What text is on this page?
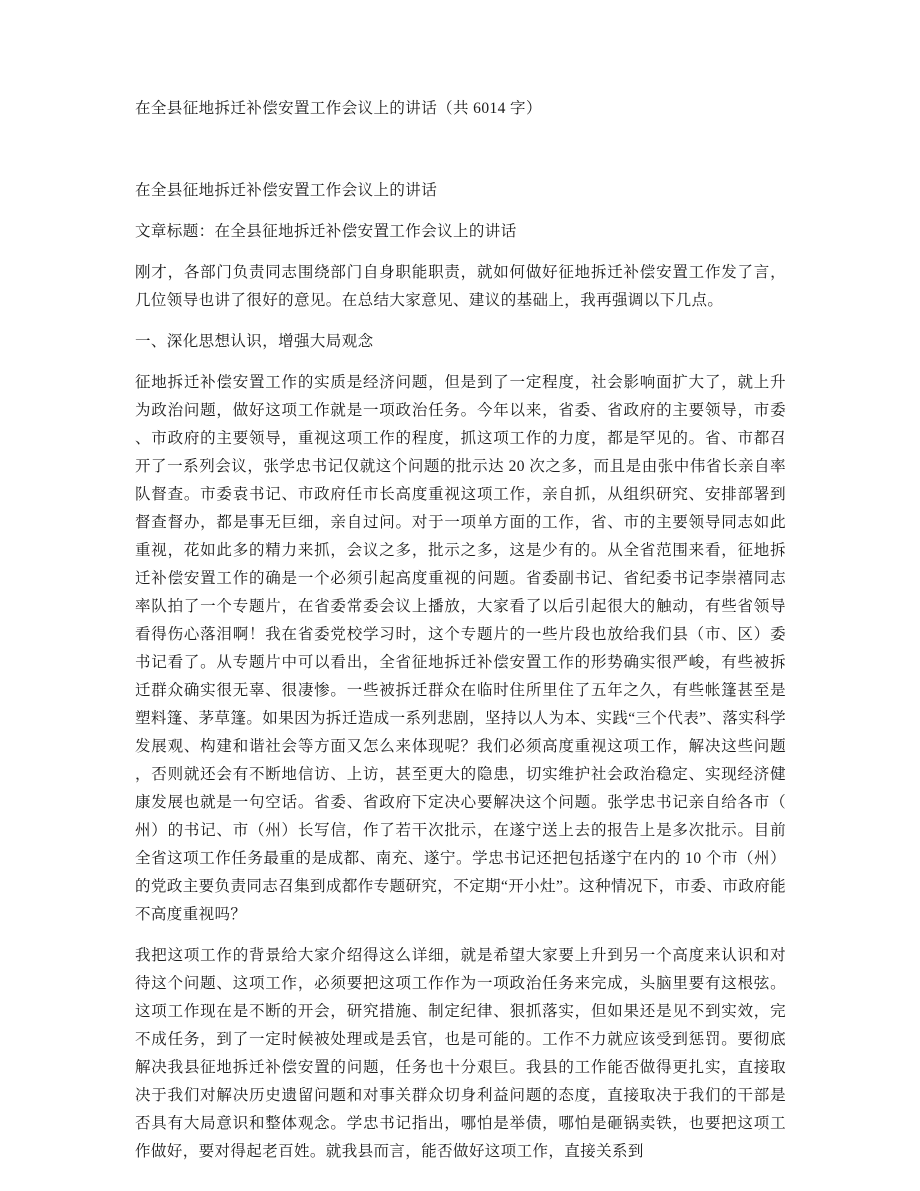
在全县征地拆迁补偿安置工作会议上的讲话（共 6014 字）

在全县征地拆迁补偿安置工作会议上的讲话

文章标题：在全县征地拆迁补偿安置工作会议上的讲话

刚才，各部门负责同志围绕部门自身职能职责，就如何做好征地拆迁补偿安置工作发了言，几位领导也讲了很好的意见。在总结大家意见、建议的基础上，我再强调以下几点。

一、深化思想认识，增强大局观念

征地拆迁补偿安置工作的实质是经济问题，但是到了一定程度，社会影响面扩大了，就上升为政治问题，做好这项工作就是一项政治任务。今年以来，省委、省政府的主要领导，市委、市政府的主要领导，重视这项工作的程度，抓这项工作的力度，都是罕见的。省、市都召开了一系列会议，张学忠书记仅就这个问题的批示达 20 次之多，而且是由张中伟省长亲自率队督查。市委袁书记、市政府任市长高度重视这项工作，亲自抓，从组织研究、安排部署到督查督办，都是事无巨细，亲自过问。对于一项单方面的工作，省、市的主要领导同志如此重视，花如此多的精力来抓，会议之多，批示之多，这是少有的。从全省范围来看，征地拆迁补偿安置工作的确是一个必须引起高度重视的问题。省委副书记、省纪委书记李崇禧同志率队拍了一个专题片，在省委常委会议上播放，大家看了以后引起很大的触动，有些省领导看得伤心落泪啊！我在省委党校学习时，这个专题片的一些片段也放给我们县（市、区）委书记看了。从专题片中可以看出，全省征地拆迁补偿安置工作的形势确实很严峻，有些被拆迁群众确实很无辜、很凄惨。一些被拆迁群众在临时住所里住了五年之久，有些帐篷甚至是塑料篷、茅草篷。如果因为拆迁造成一系列悲剧，坚持以人为本、实践“三个代表”、落实科学发展观、构建和谐社会等方面又怎么来体现呢？我们必须高度重视这项工作，解决这些问题，否则就还会有不断地信访、上访，甚至更大的隐患，切实维护社会政治稳定、实现经济健康发展也就是一句空话。省委、省政府下定决心要解决这个问题。张学忠书记亲自给各市（州）的书记、市（州）长写信，作了若干次批示，在遂宁送上去的报告上是多次批示。目前全省这项工作任务最重的是成都、南充、遂宁。学忠书记还把包括遂宁在内的 10 个市（州）的党政主要负责同志召集到成都作专题研究，不定期“开小灶”。这种情况下，市委、市政府能不高度重视吗？

我把这项工作的背景给大家介绍得这么详细，就是希望大家要上升到另一个高度来认识和对待这个问题、这项工作，必须要把这项工作作为一项政治任务来完成，头脑里要有这根弦。这项工作现在是不断的开会，研究措施、制定纪律、狠抓落实，但如果还是见不到实效，完不成任务，到了一定时候被处理或是丢官，也是可能的。工作不力就应该受到惩罚。要彻底解决我县征地拆迁补偿安置的问题，任务也十分艰巨。我县的工作能否做得更扎实，直接取决于我们对解决历史遗留问题和对事关群众切身利益问题的态度，直接取决于我们的干部是否具有大局意识和整体观念。学忠书记指出，哪怕是举债，哪怕是砸锅卖铁，也要把这项工作做好，要对得起老百姓。就我县而言，能否做好这项工作，直接关系到
